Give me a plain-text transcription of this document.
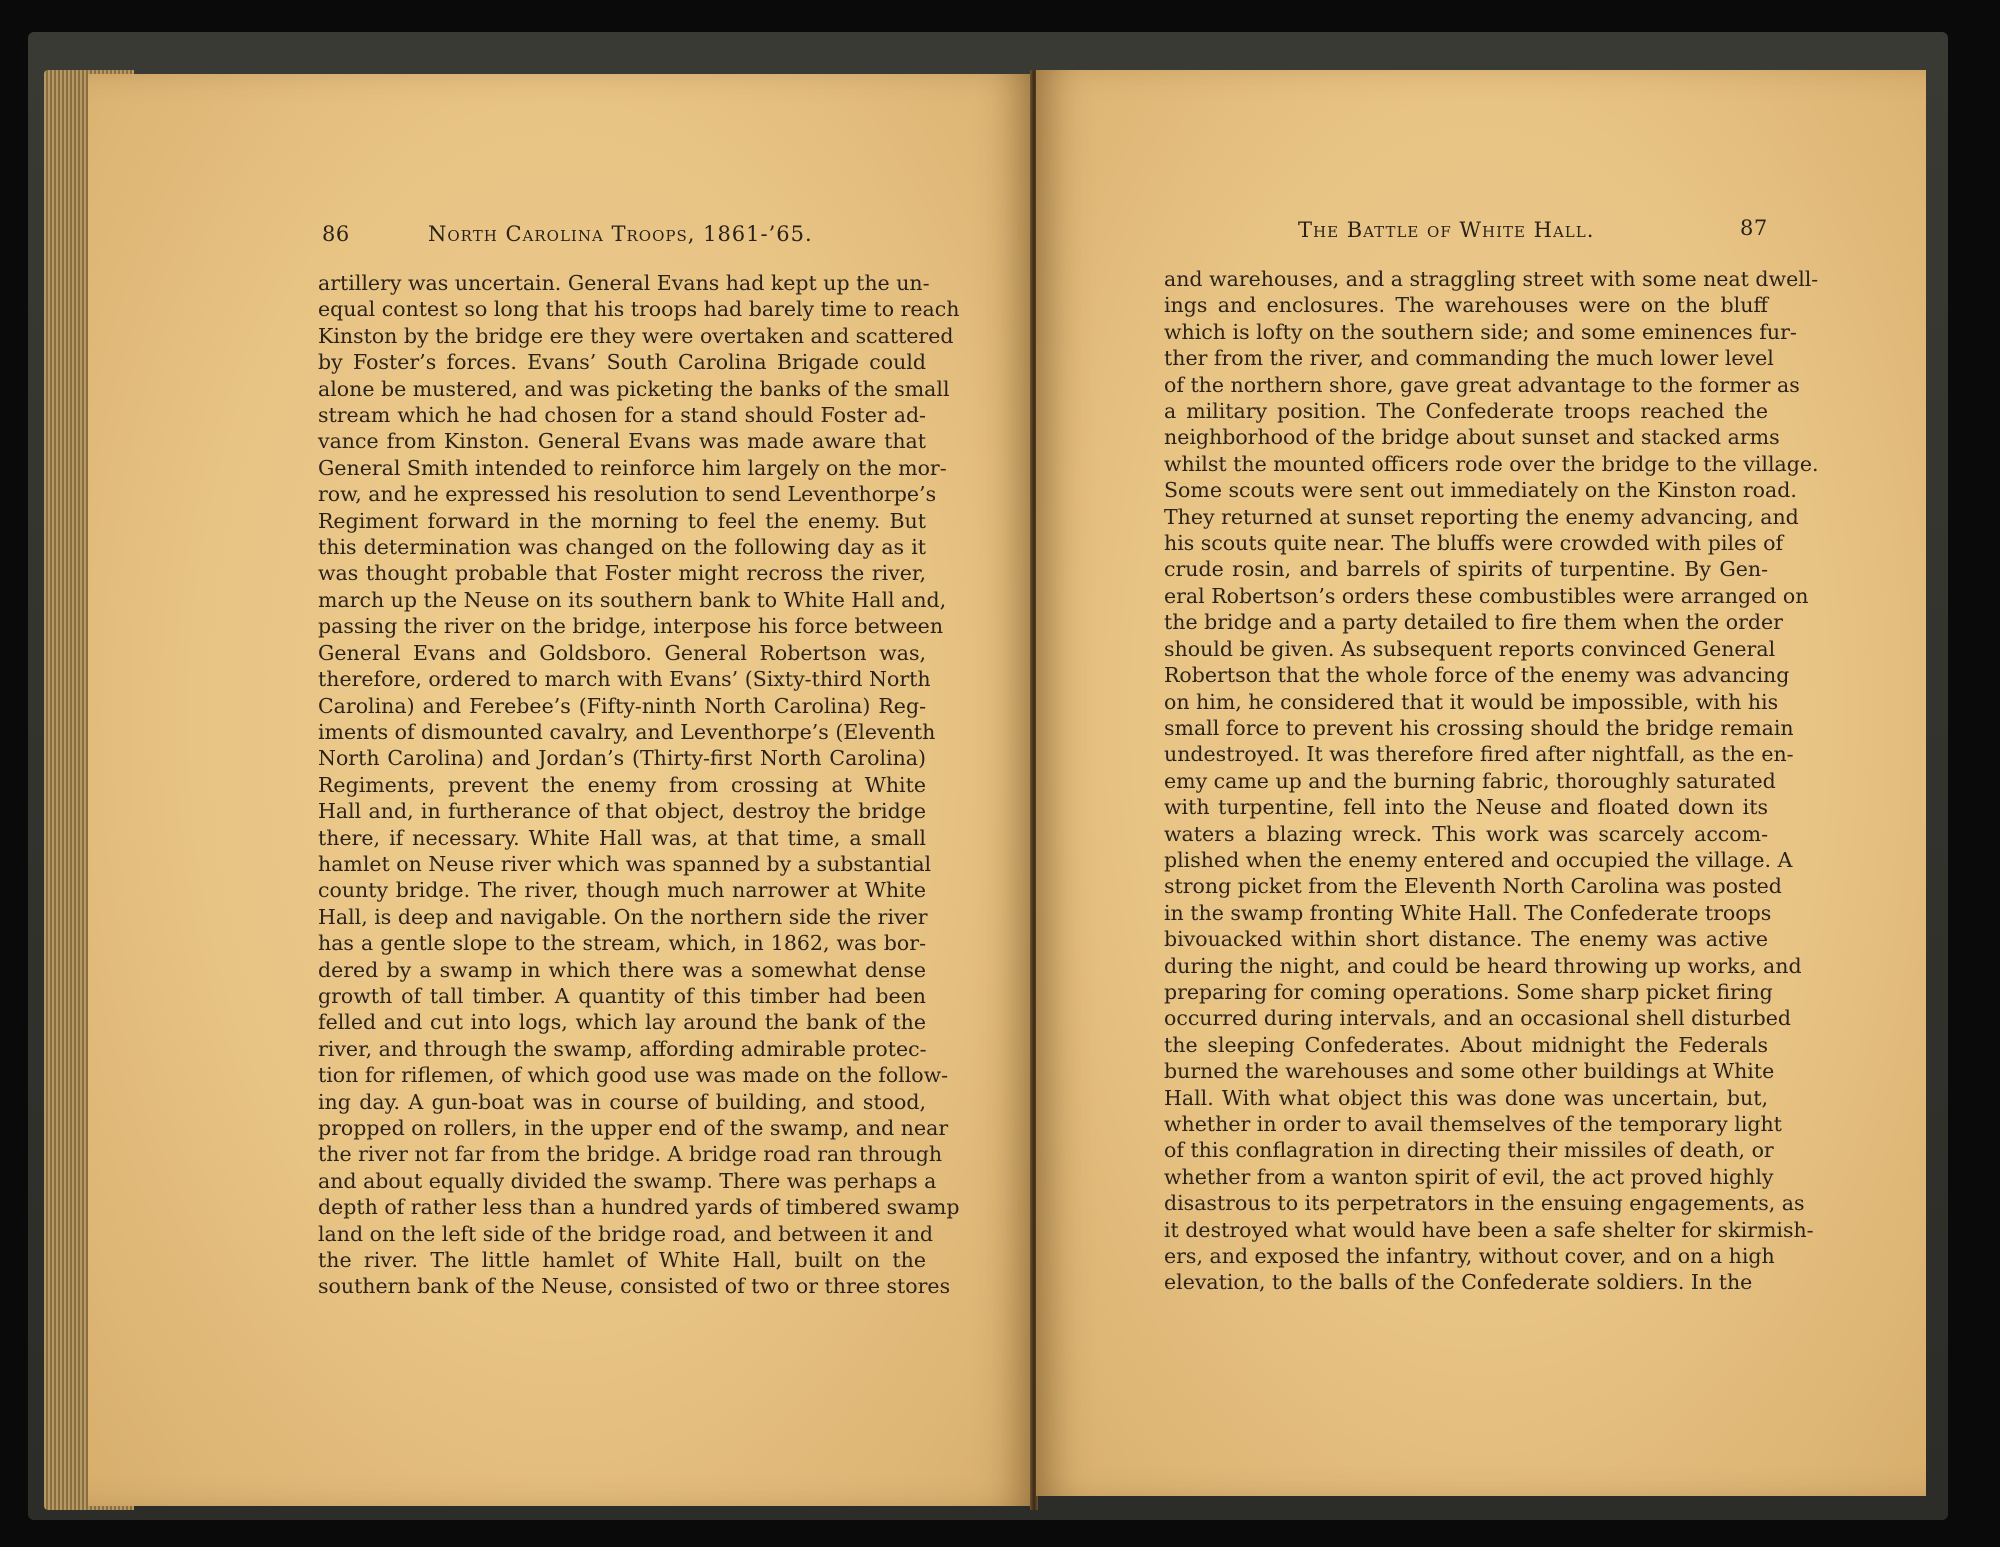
86	North Carolina Troops, 1861-’65.
artillery was uncertain. General Evans had kept up the un-
equal contest so long that his troops had barely time to reach
Kinston by the bridge ere they were overtaken and scattered
by Foster’s forces. Evans’ South Carolina Brigade could
alone be mustered, and was picketing the banks of the small
stream which he had chosen for a stand should Foster ad-
vance from Kinston. General Evans was made aware that
General Smith intended to reinforce him largely on the mor-
row, and he expressed his resolution to send Leventhorpe’s
Regiment forward in the morning to feel the enemy. But
this determination was changed on the following day as it
was thought probable that Foster might recross the river,
march up the Neuse on its southern bank to White Hall and,
passing the river on the bridge, interpose his force between
General Evans and Goldsboro. General Robertson was,
therefore, ordered to march with Evans’ (Sixty-third North
Carolina) and Ferebee’s (Fifty-ninth North Carolina) Reg-
iments of dismounted cavalry, and Leventhorpe’s (Eleventh
North Carolina) and Jordan’s (Thirty-first North Carolina)
Regiments, prevent the enemy from crossing at White
Hall and, in furtherance of that object, destroy the bridge
there, if necessary. White Hall was, at that time, a small
hamlet on Neuse river which was spanned by a substantial
county bridge. The river, though much narrower at White
Hall, is deep and navigable. On the northern side the river
has a gentle slope to the stream, which, in 1862, was bor-
dered by a swamp in which there was a somewhat dense
growth of tall timber. A quantity of this timber had been
felled and cut into logs, which lay around the bank of the
river, and through the swamp, affording admirable protec-
tion for riflemen, of which good use was made on the follow-
ing day. A gun-boat was in course of building, and stood,
propped on rollers, in the upper end of the swamp, and near
the river not far from the bridge. A bridge road ran through
and about equally divided the swamp. There was perhaps a
depth of rather less than a hundred yards of timbered swamp
land on the left side of the bridge road, and between it and
the river. The little hamlet of White Hall, built on the
southern bank of the Neuse, consisted of two or three stores
The Battle of White Hall.	87
and warehouses, and a straggling street with some neat dwell-
ings and enclosures. The warehouses were on the bluff
which is lofty on the southern side; and some eminences fur-
ther from the river, and commanding the much lower level
of the northern shore, gave great advantage to the former as
a military position. The Confederate troops reached the
neighborhood of the bridge about sunset and stacked arms
whilst the mounted officers rode over the bridge to the village.
Some scouts were sent out immediately on the Kinston road.
They returned at sunset reporting the enemy advancing, and
his scouts quite near. The bluffs were crowded with piles of
crude rosin, and barrels of spirits of turpentine. By Gen-
eral Robertson’s orders these combustibles were arranged on
the bridge and a party detailed to fire them when the order
should be given. As subsequent reports convinced General
Robertson that the whole force of the enemy was advancing
on him, he considered that it would be impossible, with his
small force to prevent his crossing should the bridge remain
undestroyed. It was therefore fired after nightfall, as the en-
emy came up and the burning fabric, thoroughly saturated
with turpentine, fell into the Neuse and floated down its
waters a blazing wreck. This work was scarcely accom-
plished when the enemy entered and occupied the village. A
strong picket from the Eleventh North Carolina was posted
in the swamp fronting White Hall. The Confederate troops
bivouacked within short distance. The enemy was active
during the night, and could be heard throwing up works, and
preparing for coming operations. Some sharp picket firing
occurred during intervals, and an occasional shell disturbed
the sleeping Confederates. About midnight the Federals
burned the warehouses and some other buildings at White
Hall. With what object this was done was uncertain, but,
whether in order to avail themselves of the temporary light
of this conflagration in directing their missiles of death, or
whether from a wanton spirit of evil, the act proved highly
disastrous to its perpetrators in the ensuing engagements, as
it destroyed what would have been a safe shelter for skirmish-
ers, and exposed the infantry, without cover, and on a high
elevation, to the balls of the Confederate soldiers. In the
